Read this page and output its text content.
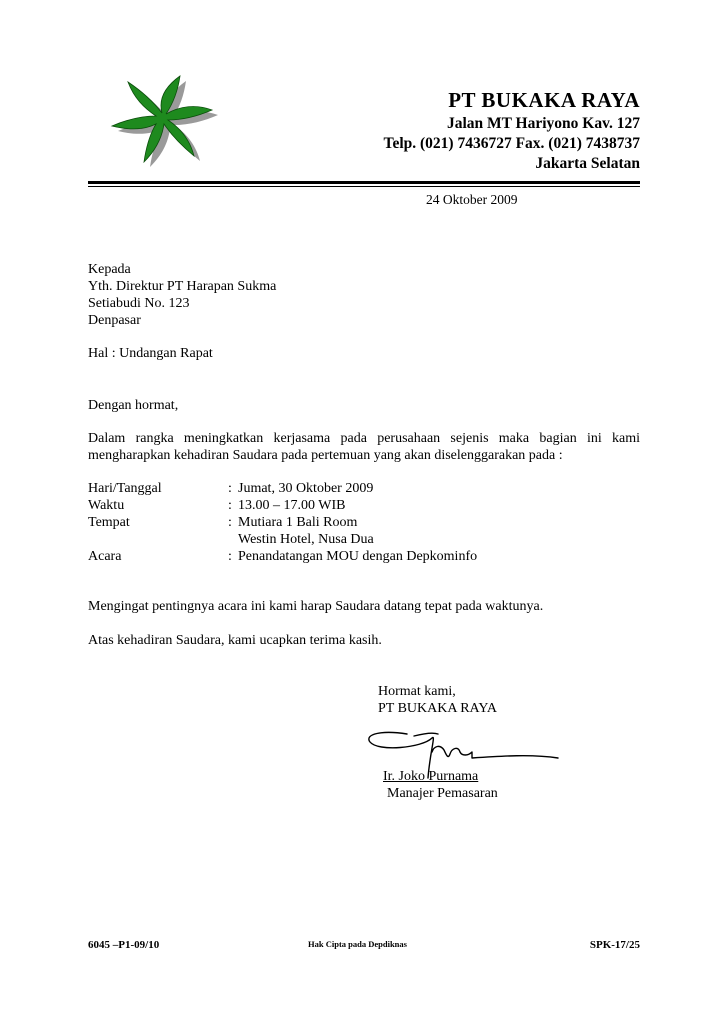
PT BUKAKA RAYA
Jalan MT Hariyono Kav. 127
Telp. (021) 7436727 Fax. (021) 7438737
Jakarta Selatan
24 Oktober 2009
Kepada
Yth. Direktur PT Harapan Sukma
Setiabudi No. 123
Denpasar
Hal : Undangan Rapat
Dengan hormat,
Dalam rangka meningkatkan kerjasama pada perusahaan sejenis maka bagian ini kami mengharapkan kehadiran Saudara pada pertemuan yang akan diselenggarakan pada :
Hari/Tanggal	: Jumat, 30 Oktober 2009
Waktu	: 13.00 – 17.00 WIB
Tempat	: Mutiara 1 Bali Room
Westin Hotel, Nusa Dua
Acara	: Penandatangan MOU dengan Depkominfo
Mengingat pentingnya acara ini kami harap Saudara datang tepat pada waktunya.
Atas kehadiran Saudara, kami ucapkan terima kasih.
Hormat kami,
PT BUKAKA RAYA
Ir. Joko Purnama
Manajer Pemasaran
6045 –P1-09/10	Hak Cipta pada Depdiknas	SPK-17/25
